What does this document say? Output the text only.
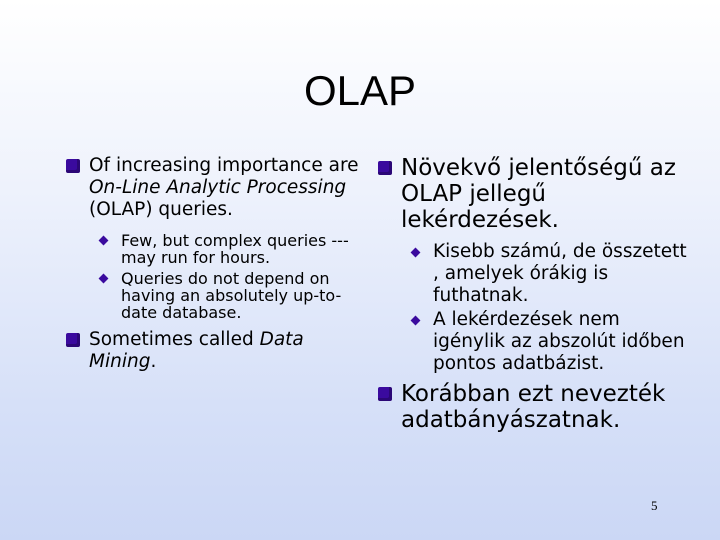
OLAP
Of increasing importance are On-Line Analytic Processing (OLAP) queries.
Few, but complex queries --- may run for hours.
Queries do not depend on having an absolutely up-to-date database.
Sometimes called Data Mining.
Növekvő jelentőségű az OLAP jellegű lekérdezések.
Kisebb számú, de összetett , amelyek órákig is futhatnak.
A lekérdezések nem igénylik az abszolút időben pontos adatbázist.
Korábban ezt nevezték adatbányászatnak.
5
